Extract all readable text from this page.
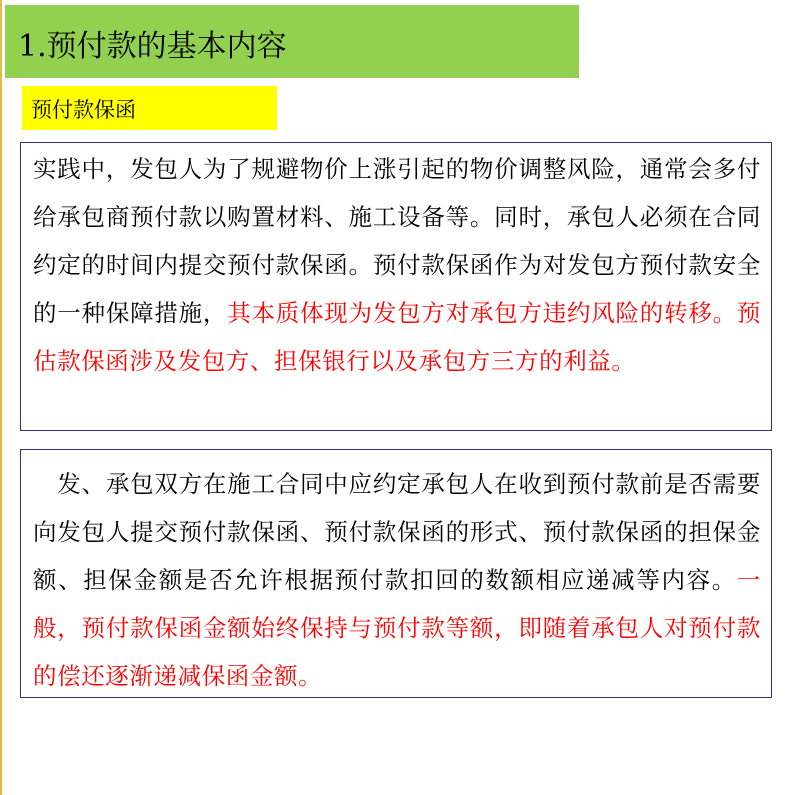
1.预付款的基本内容
预付款保函

实践中，发包人为了规避物价上涨引起的物价调整风险，通常会多付给承包商预付款以购置材料、施工设备等。同时，承包人必须在合同约定的时间内提交预付款保函。预付款保函作为对发包方预付款安全的一种保障措施，其本质体现为发包方对承包方违约风险的转移。预估款保函涉及发包方、担保银行以及承包方三方的利益。

　发、承包双方在施工合同中应约定承包人在收到预付款前是否需要向发包人提交预付款保函、预付款保函的形式、预付款保函的担保金额、担保金额是否允许根据预付款扣回的数额相应递减等内容。一般，预付款保函金额始终保持与预付款等额，即随着承包人对预付款的偿还逐渐递减保函金额。
